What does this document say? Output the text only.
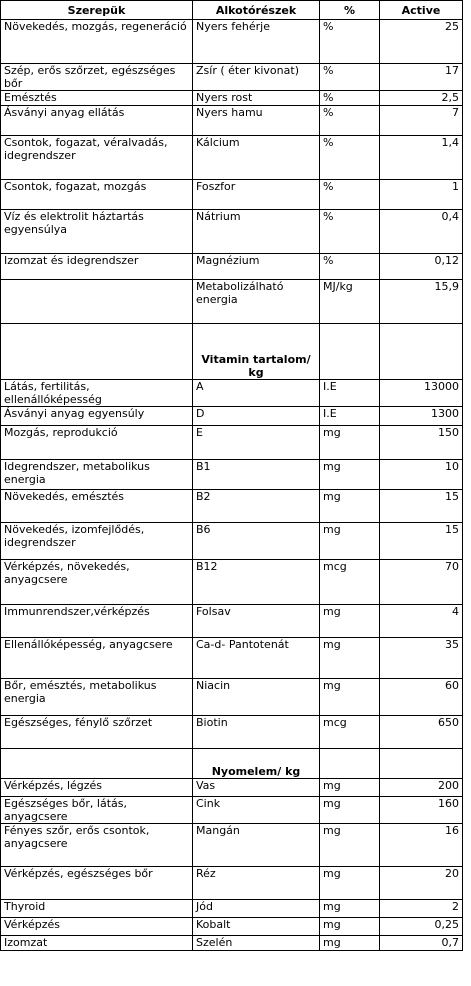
Szerepük	Alkotórészek	%	Active
Növekedés, mozgás, regeneráció	Nyers fehérje	%	25
Szép, erős szőrzet, egészséges bőr	Zsír ( éter kivonat)	%	17
Emésztés	Nyers rost	%	2,5
Ásványi anyag ellátás	Nyers hamu	%	7
Csontok, fogazat, véralvadás, idegrendszer	Kálcium	%	1,4
Csontok, fogazat, mozgás	Foszfor	%	1
Víz és elektrolit háztartás egyensúlya	Nátrium	%	0,4
Izomzat és idegrendszer	Magnézium	%	0,12
	Metabolizálható energia	MJ/kg	15,9
	Vitamin tartalom/ kg		
Látás, fertilitás, ellenállóképesség	A	I.E	13000
Ásványi anyag egyensúly	D	I.E	1300
Mozgás, reprodukció	E	mg	150
Idegrendszer, metabolikus energia	B1	mg	10
Növekedés, emésztés	B2	mg	15
Növekedés, izomfejlődés, idegrendszer	B6	mg	15
Vérképzés, növekedés, anyagcsere	B12	mcg	70
Immunrendszer,vérképzés	Folsav	mg	4
Ellenállóképesség, anyagcsere	Ca-d- Pantotenát	mg	35
Bőr, emésztés, metabolikus energia	Niacin	mg	60
Egészséges, fénylő szőrzet	Biotin	mcg	650
	Nyomelem/ kg		
Vérképzés, légzés	Vas	mg	200
Egészséges bőr, látás, anyagcsere	Cink	mg	160
Fényes szőr, erős csontok, anyagcsere	Mangán	mg	16
Vérképzés, egészséges bőr	Réz	mg	20
Thyroid	Jód	mg	2
Vérképzés	Kobalt	mg	0,25
Izomzat	Szelén	mg	0,7
